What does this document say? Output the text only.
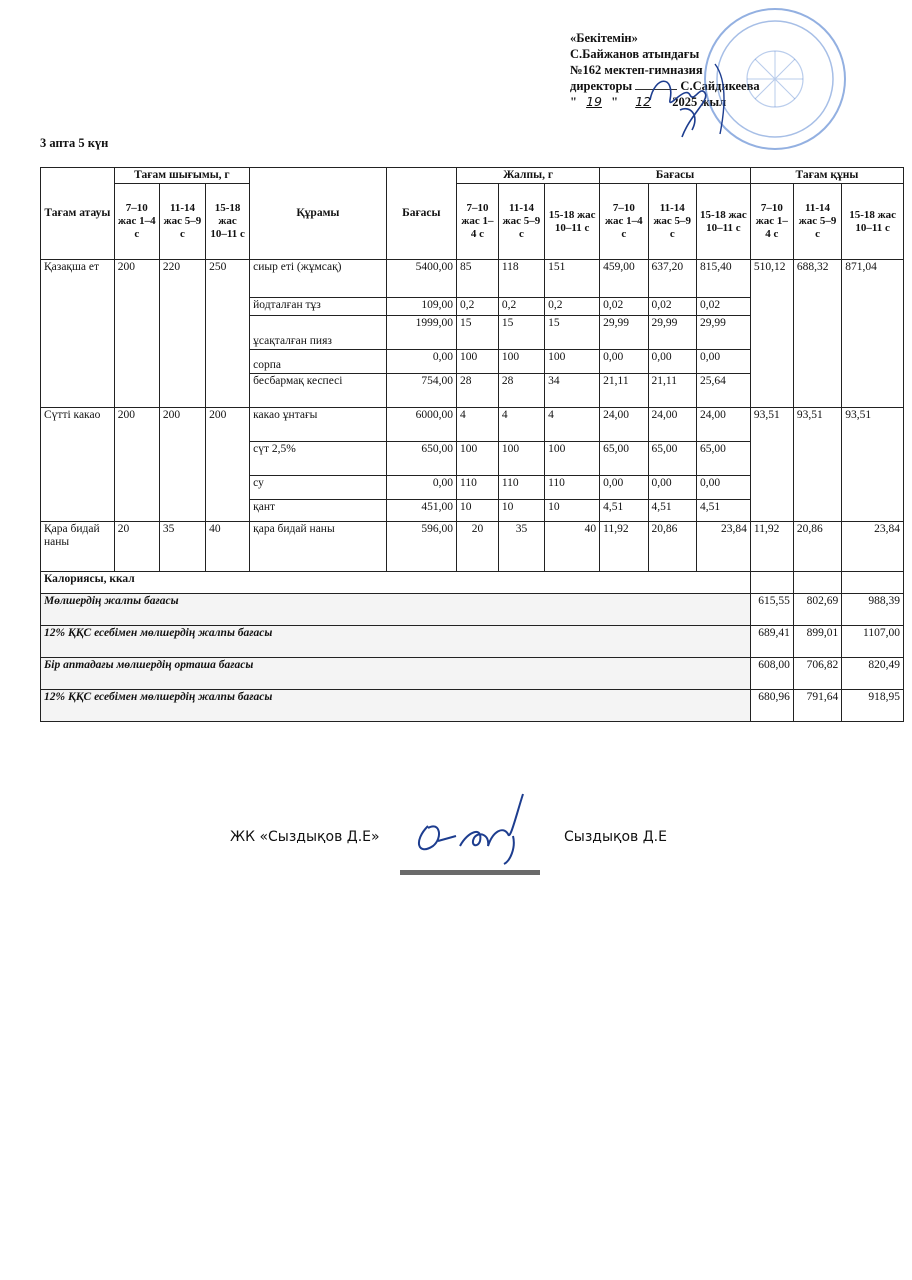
«Бекітемін»
С.Байжанов атындағы
№162 мектеп-гимназия
директоры	С.Сайдикеева
" 19 " 12 2025 жыл
3 апта 5 күн
Тағам атауы	Тағам шығымы, г			Құрамы	Бағасы	Жалпы, г			Бағасы			Тағам құны		
	7–10 жас 1–4 с	11-14 жас 5–9 с	15-18 жас 10–11 с			7–10 жас 1–4 с	11-14 жас 5–9 с	15-18 жас 10–11 с	7–10 жас 1–4 с	11-14 жас 5–9 с	15-18 жас 10–11 с	7–10 жас 1–4 с	11-14 жас 5–9 с	15-18 жас 10–11 с
Қазақша ет	200	220	250	сиыр еті (жұмсақ)	5400,00	85	118	151	459,00	637,20	815,40	510,12	688,32	871,04
				йодталған тұз	109,00	0,2	0,2	0,2	0,02	0,02	0,02			
				ұсақталған пияз	1999,00	15	15	15	29,99	29,99	29,99			
				сорпа	0,00	100	100	100	0,00	0,00	0,00			
				бесбармақ кеспесі	754,00	28	28	34	21,11	21,11	25,64			
Сүтті какао	200	200	200	какао ұнтағы	6000,00	4	4	4	24,00	24,00	24,00	93,51	93,51	93,51
				сүт 2,5%	650,00	100	100	100	65,00	65,00	65,00			
				су	0,00	110	110	110	0,00	0,00	0,00			
				қант	451,00	10	10	10	4,51	4,51	4,51			
Қара бидай наны	20	35	40	қара бидай наны	596,00	20	35	40	11,92	20,86	23,84	11,92	20,86	23,84
Калориясы, ккал														
Мөлшердің жалпы бағасы												615,55	802,69	988,39
12% ҚҚС есебімен мөлшердің жалпы бағасы												689,41	899,01	1107,00
Бір аптадағы мөлшердің орташа бағасы												608,00	706,82	820,49
12% ҚҚС есебімен мөлшердің жалпы бағасы												680,96	791,64	918,95
ЖК «Сыздықов Д.Е»	Сыздықов Д.Е
